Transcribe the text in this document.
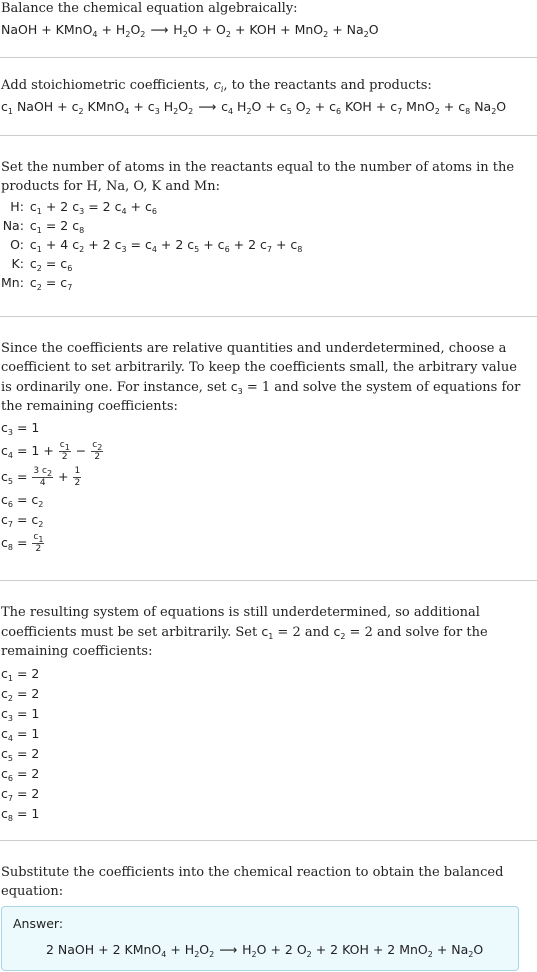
Balance the chemical equation algebraically:
NaOH + KMnO$_4$ + $H_2O_2$ ⟶ $H_2O + O_2$ + KOH + $MnO_2 + Na_2O$
Add stoichiometric coefficients, $c_i$, to the reactants and products:
$c_1$ NaOH + $c_2$ KMnO$_4$ + $c_3$ $H_2O_2$ ⟶ $c_4$ $H_2O + c_5$ $O_2 + c_6$ KOH + $c_7$ $MnO_2 + c_8$ $Na_2O$
Set the number of atoms in the reactants equal to the number of atoms in the products for H, Na, O, K and Mn:
H:	$c_1 + 2$ $c_3 = 2$ $c_4 + c_6$
Na:	$c_1 = 2$ $c_8$
O:	$c_1 + 4$ $c_2 + 2$ $c_3 = c_4 + 2$ $c_5 + c_6 + 2$ $c_7 + c_8$
K:	$c_2 = c_6$
Mn:	$c_2 = c_7$
Since the coefficients are relative quantities and underdetermined, choose a coefficient to set arbitrarily. To keep the coefficients small, the arbitrary value is ordinarily one. For instance, set $c_3 = 1$ and solve the system of equations for the remaining coefficients:
$c_3 = 1$
$c_4 = 1 + \frac{c_1}{2} - \frac{c_2}{2}$
$c_5 = \frac{3 c_2}{4} + \frac{1}{2}$
$c_6 = c_2$
$c_7 = c_2$
$c_8 = \frac{c_1}{2}$
The resulting system of equations is still underdetermined, so additional coefficients must be set arbitrarily. Set $c_1 = 2$ and $c_2 = 2$ and solve for the remaining coefficients:
$c_1 = 2$
$c_2 = 2$
$c_3 = 1$
$c_4 = 1$
$c_5 = 2$
$c_6 = 2$
$c_7 = 2$
$c_8 = 1$
Substitute the coefficients into the chemical reaction to obtain the balanced equation:
Answer:
2 NaOH + 2 KMnO$_4$ + $H_2O_2$ ⟶ $H_2O + 2$ $O_2 + 2$ KOH + 2 $MnO_2 + Na_2O$
